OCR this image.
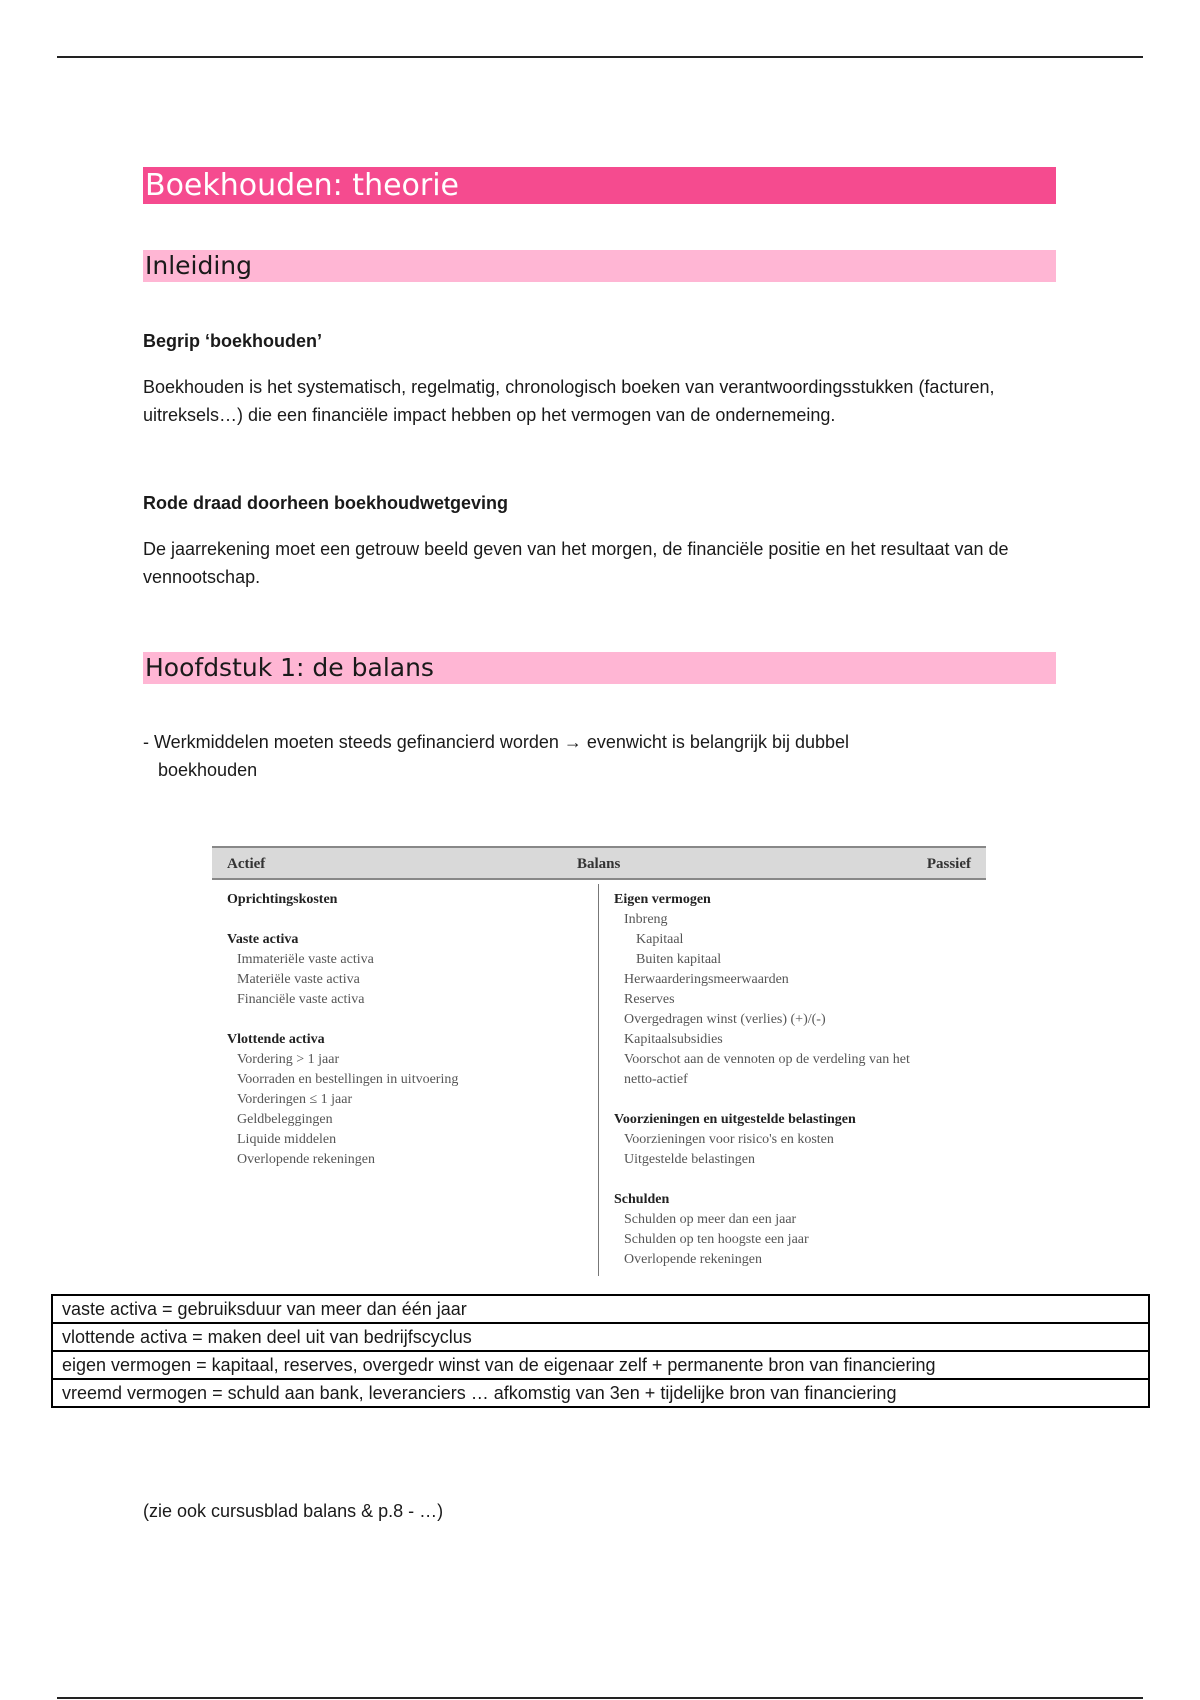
Boekhouden: theorie
Inleiding
Begrip ‘boekhouden’
Boekhouden is het systematisch, regelmatig, chronologisch boeken van verantwoordingsstukken (facturen, uitreksels…) die een financiële impact hebben op het vermogen van de ondernemeing.
Rode draad doorheen boekhoudwetgeving
De jaarrekening moet een getrouw beeld geven van het morgen, de financiële positie en het resultaat van de vennootschap.
Hoofdstuk 1: de balans
- Werkmiddelen moeten steeds gefinancierd worden → evenwicht is belangrijk bij dubbel
boekhouden
Actief	Balans	Passief
Oprichtingskosten
Vaste activa
Immateriële vaste activa
Materiële vaste activa
Financiële vaste activa
Vlottende activa
Vordering > 1 jaar
Voorraden en bestellingen in uitvoering
Vorderingen ≤ 1 jaar
Geldbeleggingen
Liquide middelen
Overlopende rekeningen
Eigen vermogen
Inbreng
Kapitaal
Buiten kapitaal
Herwaarderingsmeerwaarden
Reserves
Overgedragen winst (verlies) (+)/(-)
Kapitaalsubsidies
Voorschot aan de vennoten op de verdeling van het
netto-actief
Voorzieningen en uitgestelde belastingen
Voorzieningen voor risico's en kosten
Uitgestelde belastingen
Schulden
Schulden op meer dan een jaar
Schulden op ten hoogste een jaar
Overlopende rekeningen
vaste activa = gebruiksduur van meer dan één jaar
vlottende activa = maken deel uit van bedrijfscyclus
eigen vermogen = kapitaal, reserves, overgedr winst van de eigenaar zelf + permanente bron van financiering
vreemd vermogen = schuld aan bank, leveranciers … afkomstig van 3en + tijdelijke bron van financiering
(zie ook cursusblad balans & p.8 - …)
